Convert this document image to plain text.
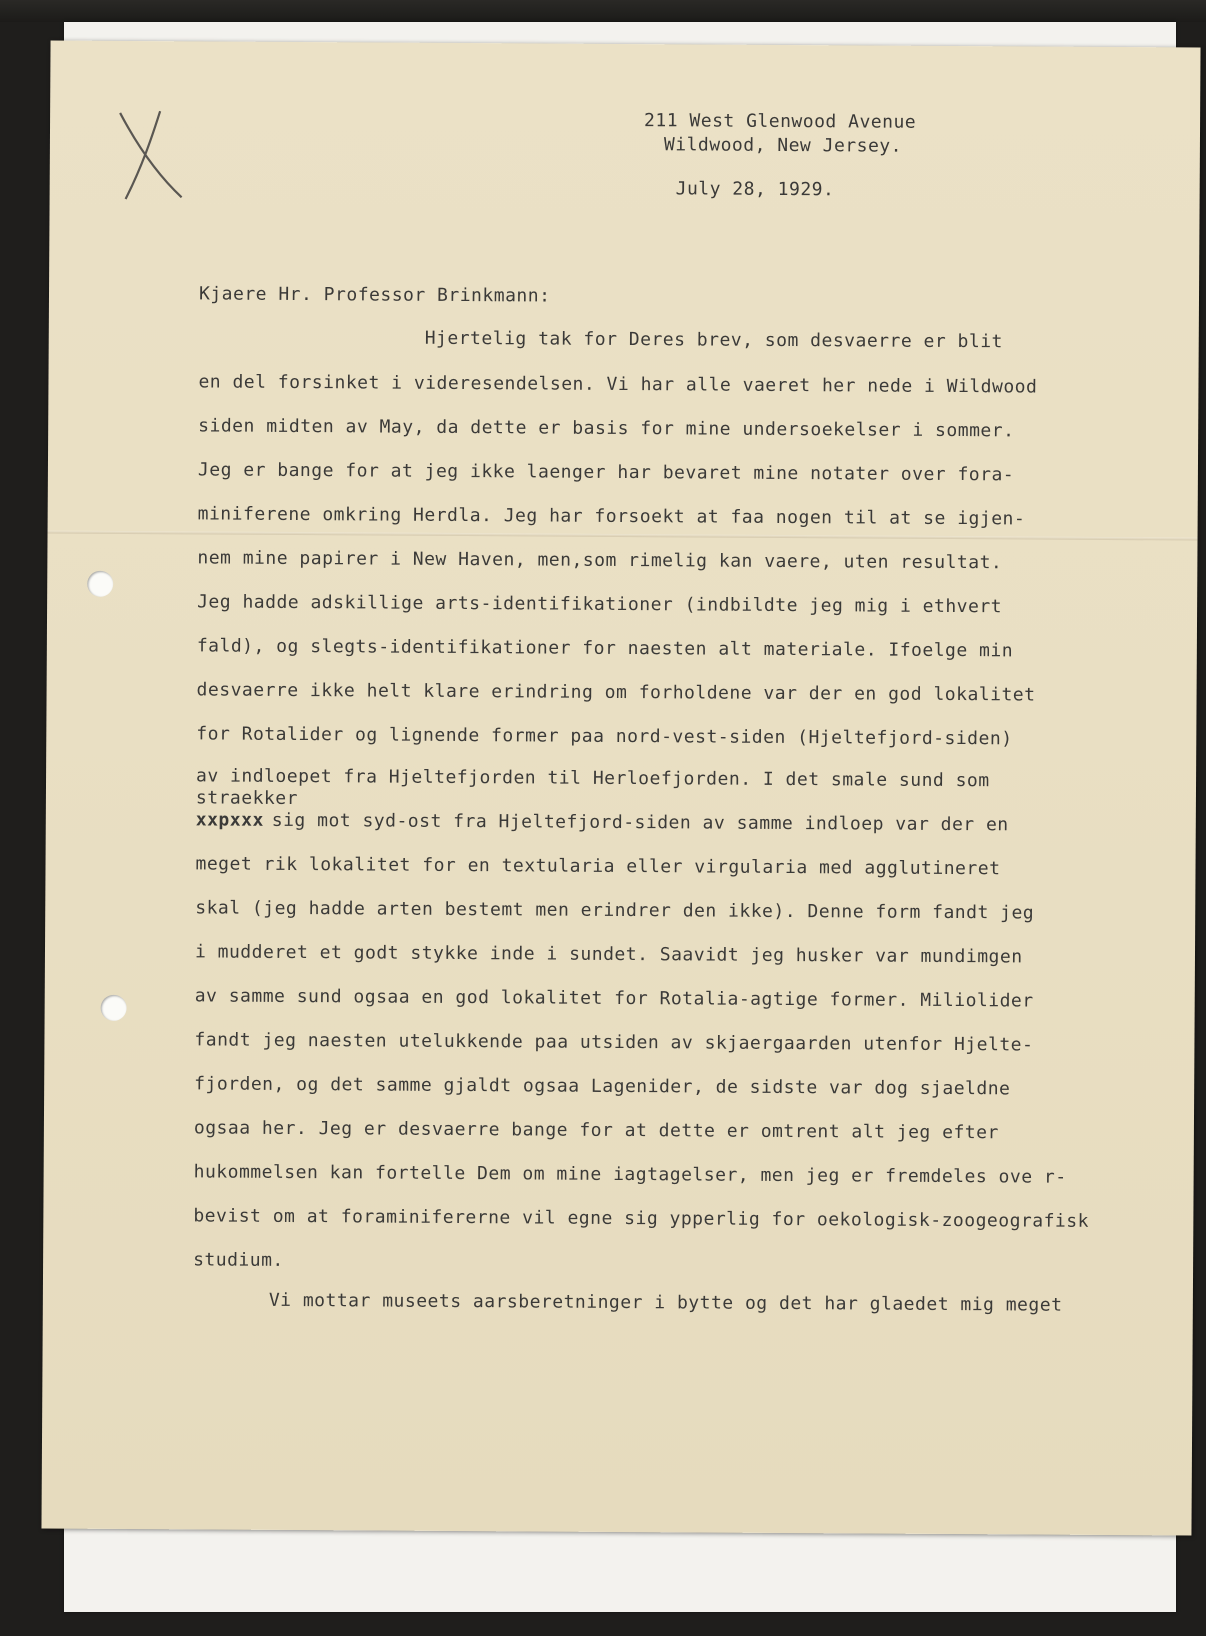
211 West Glenwood Avenue
Wildwood, New Jersey.
July 28, 1929.
Kjaere Hr. Professor Brinkmann:
Hjertelig tak for Deres brev, som desvaerre er blit
en del forsinket i videresendelsen. Vi har alle vaeret her nede i Wildwood
siden midten av May, da dette er basis for mine undersoekelser i sommer.
Jeg er bange for at jeg ikke laenger har bevaret mine notater over fora-
miniferene omkring Herdla. Jeg har forsoekt at faa nogen til at se igjen-
nem mine papirer i New Haven, men,som rimelig kan vaere, uten resultat.
Jeg hadde adskillige arts-identifikationer (indbildte jeg mig i ethvert
fald), og slegts-identifikationer for naesten alt materiale. Ifoelge min
desvaerre ikke helt klare erindring om forholdene var der en god lokalitet
for Rotalider og lignende former paa nord-vest-siden (Hjeltefjord-siden)
av indloepet fra Hjeltefjorden til Herloefjorden. I det smale sund som
straekker
xxpxxx sig mot syd-ost fra Hjeltefjord-siden av samme indloep var der en
meget rik lokalitet for en textularia eller virgularia med agglutineret
skal (jeg hadde arten bestemt men erindrer den ikke). Denne form fandt jeg
i mudderet et godt stykke inde i sundet. Saavidt jeg husker var mundimgen
av samme sund ogsaa en god lokalitet for Rotalia-agtige former. Miliolider
fandt jeg naesten utelukkende paa utsiden av skjaergaarden utenfor Hjelte-
fjorden, og det samme gjaldt ogsaa Lagenider, de sidste var dog sjaeldne
ogsaa her. Jeg er desvaerre bange for at dette er omtrent alt jeg efter
hukommelsen kan fortelle Dem om mine iagtagelser, men jeg er fremdeles ove r-
bevist om at foraminifererne vil egne sig ypperlig for oekologisk-zoogeografisk
studium.
Vi mottar museets aarsberetninger i bytte og det har glaedet mig meget
